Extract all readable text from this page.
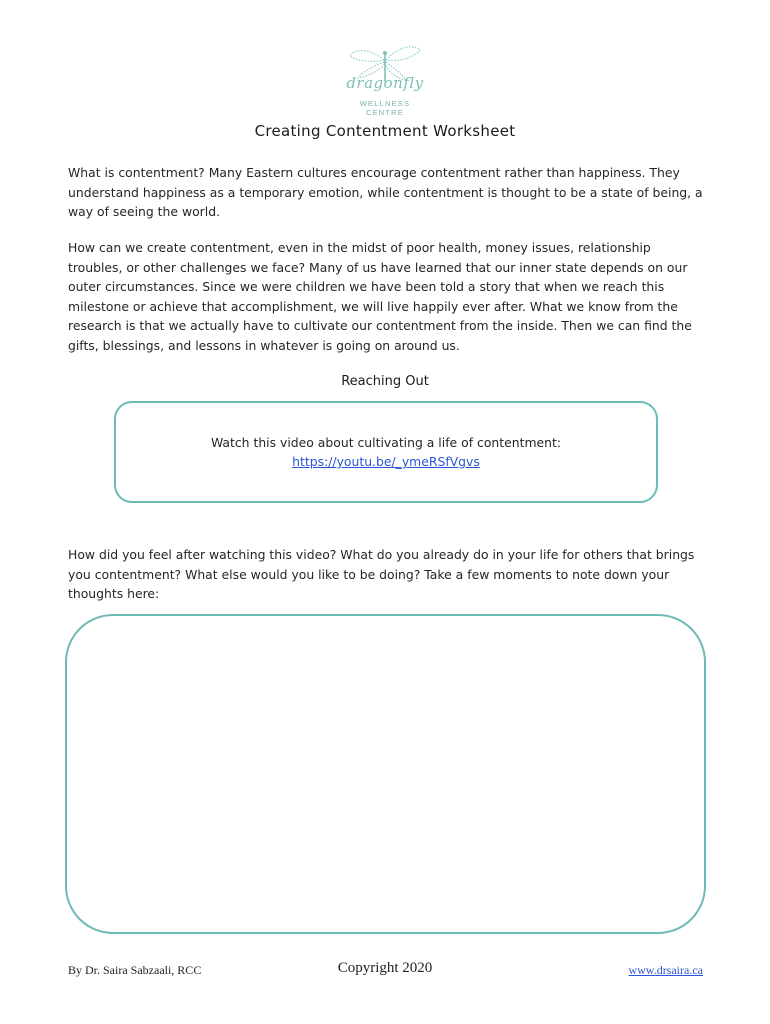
dragonfly
WELLNESS CENTRE
Creating Contentment Worksheet
What is contentment? Many Eastern cultures encourage contentment rather than happiness. They understand happiness as a temporary emotion, while contentment is thought to be a state of being, a way of seeing the world.
How can we create contentment, even in the midst of poor health, money issues, relationship troubles, or other challenges we face? Many of us have learned that our inner state depends on our outer circumstances. Since we were children we have been told a story that when we reach this milestone or achieve that accomplishment, we will live happily ever after. What we know from the research is that we actually have to cultivate our contentment from the inside. Then we can find the gifts, blessings, and lessons in whatever is going on around us.
Reaching Out
Watch this video about cultivating a life of contentment:
https://youtu.be/_ymeRSfVgvs
How did you feel after watching this video? What do you already do in your life for others that brings you contentment? What else would you like to be doing? Take a few moments to note down your thoughts here:
By Dr. Saira Sabzaali, RCC	Copyright 2020	www.drsaira.ca
